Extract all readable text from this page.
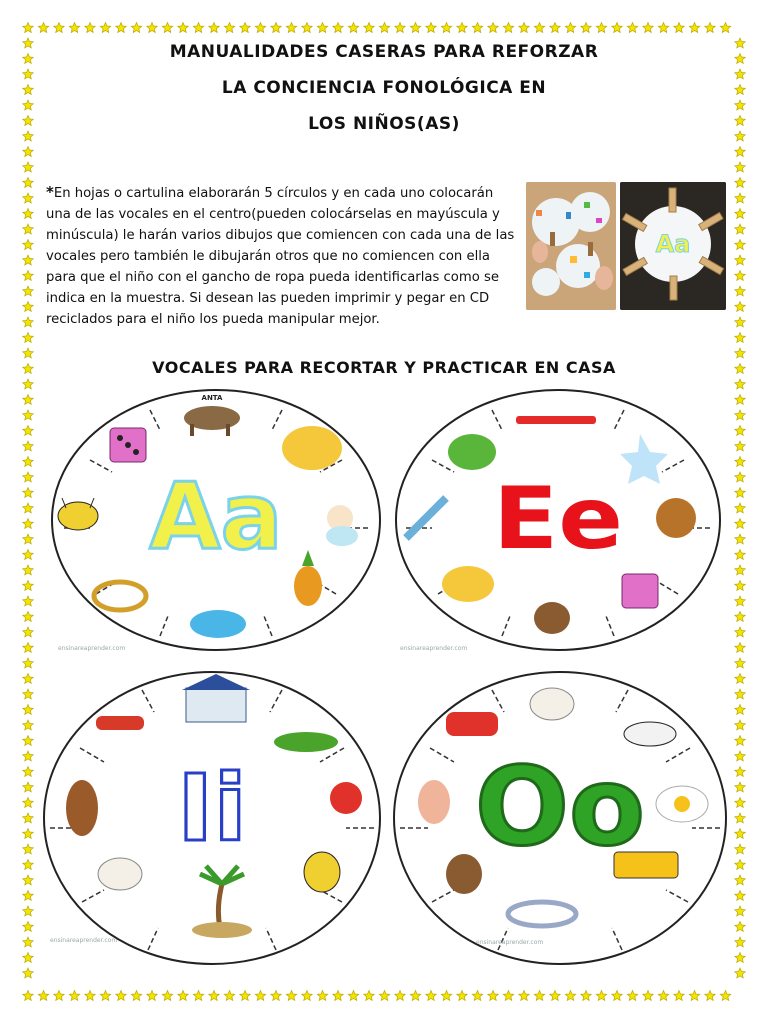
MANUALIDADES CASERAS PARA REFORZAR
LA CONCIENCIA FONOLÓGICA EN
LOS NIÑOS(AS)
*En hojas o cartulina elaborarán 5 círculos y en cada uno colocarán una de las vocales en el centro(pueden colocárselas en mayúscula y minúscula) le harán varios dibujos que comiencen con cada una de las vocales pero también le dibujarán otros que no comiencen con ella para que el niño con el gancho de ropa pueda identificarlas como se indica en la muestra. Si desean las pueden imprimir y pegar en CD reciclados para el niño los pueda manipular mejor.
Aa
VOCALES PARA RECORTAR Y PRACTICAR EN CASA
ANTA
Aa
ensinareaprender.com
Ee
ensinareaprender.com
Ii
ensinareaprender.com
Oo
ensinareaprender.com
